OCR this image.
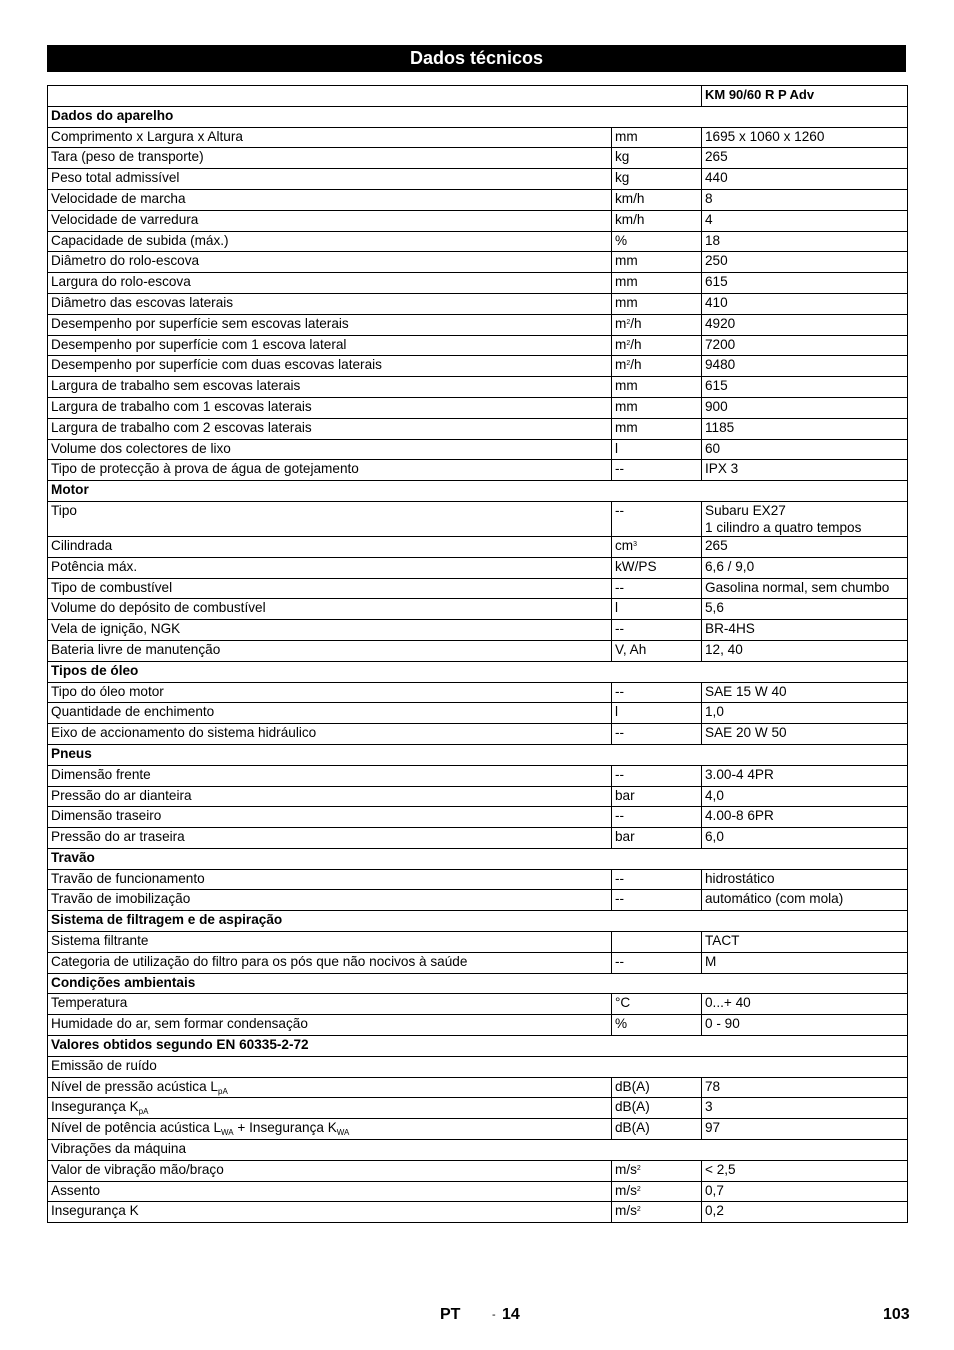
Dados técnicos
		KM 90/60 R P Adv
Dados do aparelho		
Comprimento x Largura x Altura	mm	1695 x 1060 x 1260

Tara (peso de transporte)	kg	265

Peso total admissível	kg	440

Velocidade de marcha	km/h	8

Velocidade de varredura	km/h	4

Capacidade de subida (máx.)	%	18

Diâmetro do rolo-escova	mm	250

Largura do rolo-escova	mm	615

Diâmetro das escovas laterais	mm	410

Desempenho por superfície sem escovas laterais	$m^2/h$	4920

Desempenho por superfície com 1 escova lateral	$m^2/h$	7200

Desempenho por superfície com duas escovas laterais	$m^2/h$	9480

Largura de trabalho sem escovas laterais	mm	615

Largura de trabalho com 1 escovas laterais	mm	900

Largura de trabalho com 2 escovas laterais	mm	1185

Volume dos colectores de lixo	l	60

Tipo de protecção à prova de água de gotejamento	--	IPX 3

Motor		
Tipo	--	Subaru EX27
1 cilindro a quatro tempos

Cilindrada	$cm^3$	265

Potência máx.	kW/PS	6,6 / 9,0

Tipo de combustível	--	Gasolina normal, sem chumbo

Volume do depósito de combustível	l	5,6

Vela de ignição, NGK	--	BR-4HS

Bateria livre de manutenção	V, Ah	12, 40

Tipos de óleo		
Tipo do óleo motor	--	SAE 15 W 40

Quantidade de enchimento	l	1,0

Eixo de accionamento do sistema hidráulico	--	SAE 20 W 50

Pneus		
Dimensão frente	--	3.00-4 4PR

Pressão do ar dianteira	bar	4,0

Dimensão traseiro	--	4.00-8 6PR

Pressão do ar traseira	bar	6,0

Travão		
Travão de funcionamento	--	hidrostático

Travão de imobilização	--	automático (com mola)

Sistema de filtragem e de aspiração		
Sistema filtrante		TACT

Categoria de utilização do filtro para os pós que não nocivos à saúde	--	M

Condições ambientais		
Temperatura	°C	0...+ 40

Humidade do ar, sem formar condensação	%	0 - 90

Valores obtidos segundo EN 60335-2-72		
Emissão de ruído		
Nível de pressão acústica $L_{pA}$	dB(A)	78

Insegurança $K_{pA}$	dB(A)	3

Nível de potência acústica $L_{WA}$ + Insegurança $K_{WA}$	dB(A)	97

Vibrações da máquina		
Valor de vibração mão/braço	$m/s^2$	< 2,5

Assento	$m/s^2$	0,7

Insegurança K	$m/s^2$	0,2
PT	- 14	103
